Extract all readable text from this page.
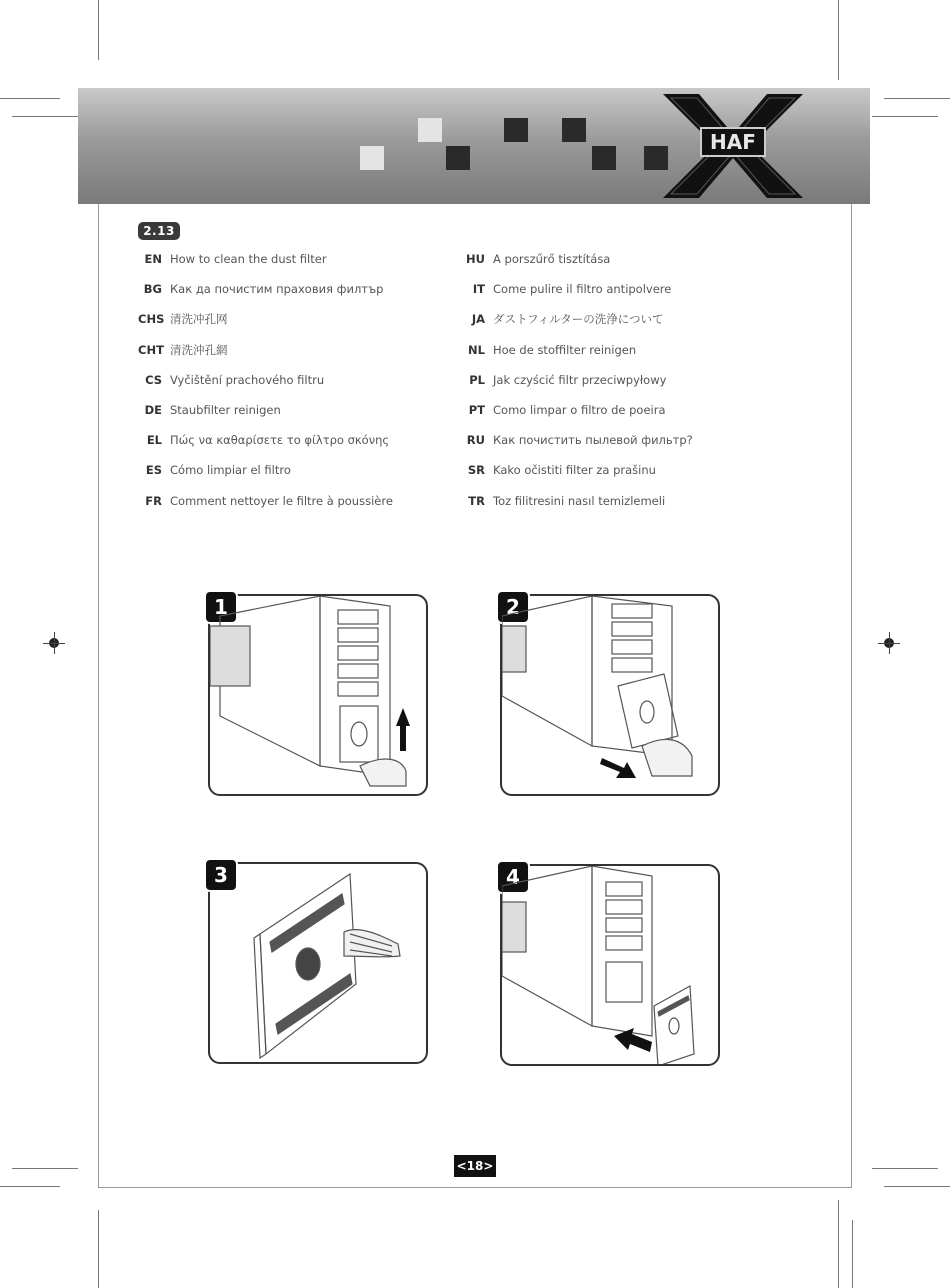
HAF
2.13
EN How to clean the dust filter
BG Как да почистим праховия филтър
CHS 清洗冲孔网
CHT 清洗沖孔網
CS Vyčištění prachového filtru
DE Staubfilter reinigen
EL Πώς να καθαρίσετε το φίλτρο σκόνης
ES Cómo limpiar el filtro
FR Comment nettoyer le filtre à poussière
HU A porszűrő tisztítása
IT Come pulire il filtro antipolvere
JA ダストフィルターの洗浄について
NL Hoe de stoffilter reinigen
PL Jak czyścić filtr przeciwpyłowy
PT Como limpar o filtro de poeira
RU Как почистить пылевой фильтр?
SR Kako očistiti filter za prašinu
TR Toz filitresini nasıl temizlemeli
1	2
3	4
<18>
